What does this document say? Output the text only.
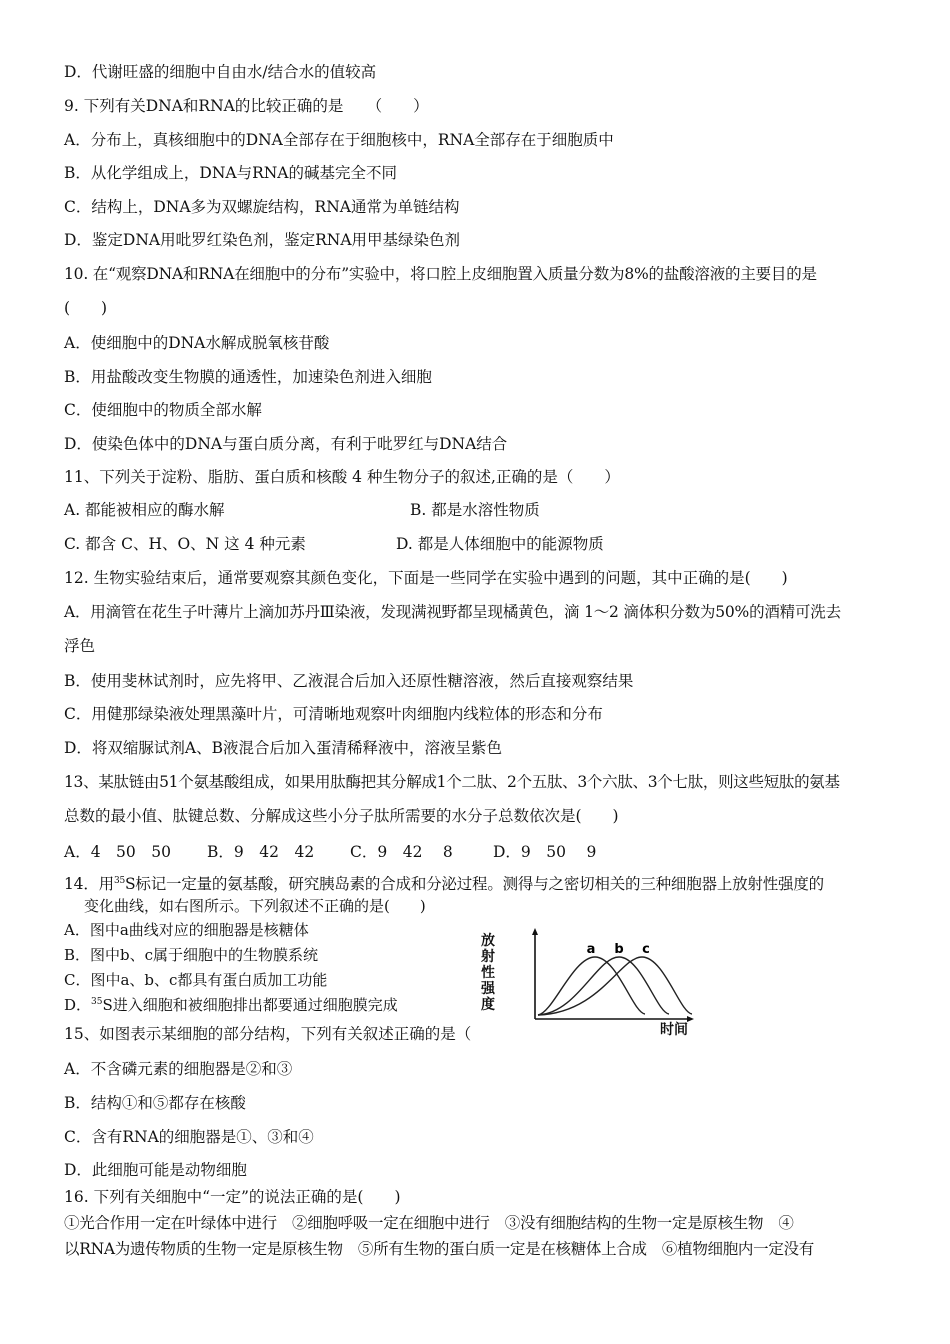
D．代谢旺盛的细胞中自由水/结合水的值较高
9. 下列有关DNA和RNA的比较正确的是　　（　　）
A．分布上，真核细胞中的DNA全部存在于细胞核中，RNA全部存在于细胞质中
B．从化学组成上，DNA与RNA的碱基完全不同
C．结构上，DNA多为双螺旋结构，RNA通常为单链结构
D．鉴定DNA用吡罗红染色剂，鉴定RNA用甲基绿染色剂
10. 在“观察DNA和RNA在细胞中的分布”实验中，将口腔上皮细胞置入质量分数为8%的盐酸溶液的主要目的是
(　　)
A．使细胞中的DNA水解成脱氧核苷酸
B．用盐酸改变生物膜的通透性，加速染色剂进入细胞
C．使细胞中的物质全部水解
D．使染色体中的DNA与蛋白质分离，有利于吡罗红与DNA结合
11、下列关于淀粉、脂肪、蛋白质和核酸 4 种生物分子的叙述,正确的是（　　）
A. 都能被相应的酶水解	B. 都是水溶性物质
C. 都含 C、H、O、N 这 4 种元素	D. 都是人体细胞中的能源物质
12. 生物实验结束后，通常要观察其颜色变化，下面是一些同学在实验中遇到的问题，其中正确的是(　　)
A．用滴管在花生子叶薄片上滴加苏丹Ⅲ染液，发现满视野都呈现橘黄色，滴 1～2 滴体积分数为50%的酒精可洗去
浮色
B．使用斐林试剂时，应先将甲、乙液混合后加入还原性糖溶液，然后直接观察结果
C．用健那绿染液处理黑藻叶片，可清晰地观察叶肉细胞内线粒体的形态和分布
D．将双缩脲试剂A、B液混合后加入蛋清稀释液中，溶液呈紫色
13、某肽链由51个氨基酸组成，如果用肽酶把其分解成1个二肽、2个五肽、3个六肽、3个七肽，则这些短肽的氨基
总数的最小值、肽键总数、分解成这些小分子肽所需要的水分子总数依次是(　　)
A．4　50　50 B．9　42　42 C．9　42　 8	D．9　50　 9
14．用$^{35}$S标记一定量的氨基酸，研究胰岛素的合成和分泌过程。测得与之密切相关的三种细胞器上放射性强度的
变化曲线，如右图所示。下列叙述不正确的是(　　)
A．图中a曲线对应的细胞器是核糖体
B．图中b、c属于细胞中的生物膜系统
C．图中a、b、c都具有蛋白质加工功能
D．$^{35}$S进入细胞和被细胞排出都要通过细胞膜完成
放射性强度
时间
a b c
15、如图表示某细胞的部分结构，下列有关叙述正确的是（
A．不含磷元素的细胞器是②和③
B．结构①和⑤都存在核酸
C．含有RNA的细胞器是①、③和④
D．此细胞可能是动物细胞
16. 下列有关细胞中“一定”的说法正确的是(　　)
①光合作用一定在叶绿体中进行　②细胞呼吸一定在细胞中进行　③没有细胞结构的生物一定是原核生物　④
以RNA为遗传物质的生物一定是原核生物　⑤所有生物的蛋白质一定是在核糖体上合成　⑥植物细胞内一定没有
